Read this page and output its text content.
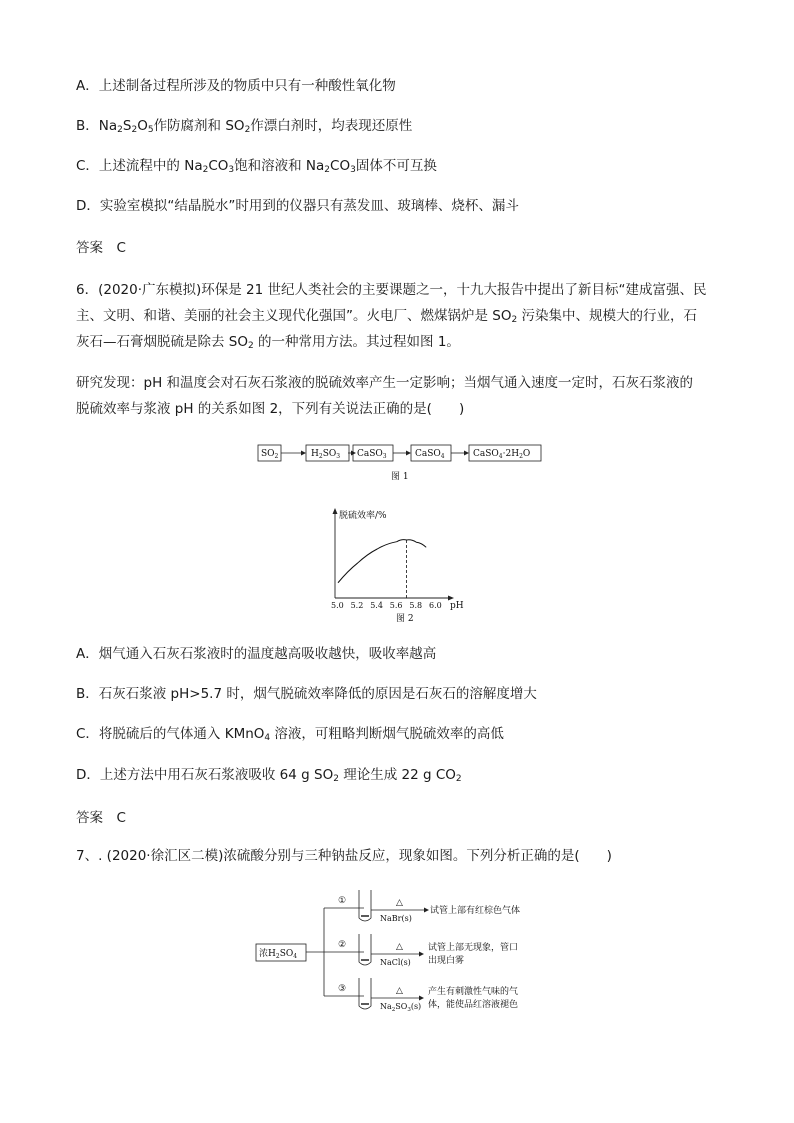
A．上述制备过程所涉及的物质中只有一种酸性氧化物
B．$Na_2S_2O_5$作防腐剂和 $SO_2$作漂白剂时，均表现还原性
C．上述流程中的 $Na_2CO_3$饱和溶液和 $Na_2CO_3$固体不可互换
D．实验室模拟“结晶脱水”时用到的仪器只有蒸发皿、玻璃棒、烧杯、漏斗
答案　C
6．(2020·广东模拟)环保是 21 世纪人类社会的主要课题之一，十九大报告中提出了新目标“建成富强、民
主、文明、和谐、美丽的社会主义现代化强国”。火电厂、燃煤锅炉是 $SO_2$ 污染集中、规模大的行业，石
灰石—石膏烟脱硫是除去 $SO_2$ 的一种常用方法。其过程如图 1。
研究发现：pH 和温度会对石灰石浆液的脱硫效率产生一定影响；当烟气通入速度一定时，石灰石浆液的
脱硫效率与浆液 pH 的关系如图 2，下列有关说法正确的是(　　)
$SO_2$	$H_2SO_3$ CaSO$_3$	CaSO$_4$	$CaSO_4\cdot 2H_2O$
图 1
脱硫效率/%
pH
5.0 5.2 5.4 5.6 5.8 6.0
图 2
A．烟气通入石灰石浆液时的温度越高吸收越快，吸收率越高
B．石灰石浆液 pH>5.7 时，烟气脱硫效率降低的原因是石灰石的溶解度增大
C．将脱硫后的气体通入 KMnO$_4$ 溶液，可粗略判断烟气脱硫效率的高低
D．上述方法中用石灰石浆液吸收 64 g $SO_2$ 理论生成 22 g $CO_2$
答案　C
7、. (2020·徐汇区二模)浓硫酸分别与三种钠盐反应，现象如图。下列分析正确的是(　　)
浓$H_2SO_4$
①	△
NaBr(s)
试管上部有红棕色气体
②	△
NaCl(s)
试管上部无现象，管口
出现白雾
③	△
$Na_2SO_3(s)$
产生有刺激性气味的气
体，能使品红溶液褪色
